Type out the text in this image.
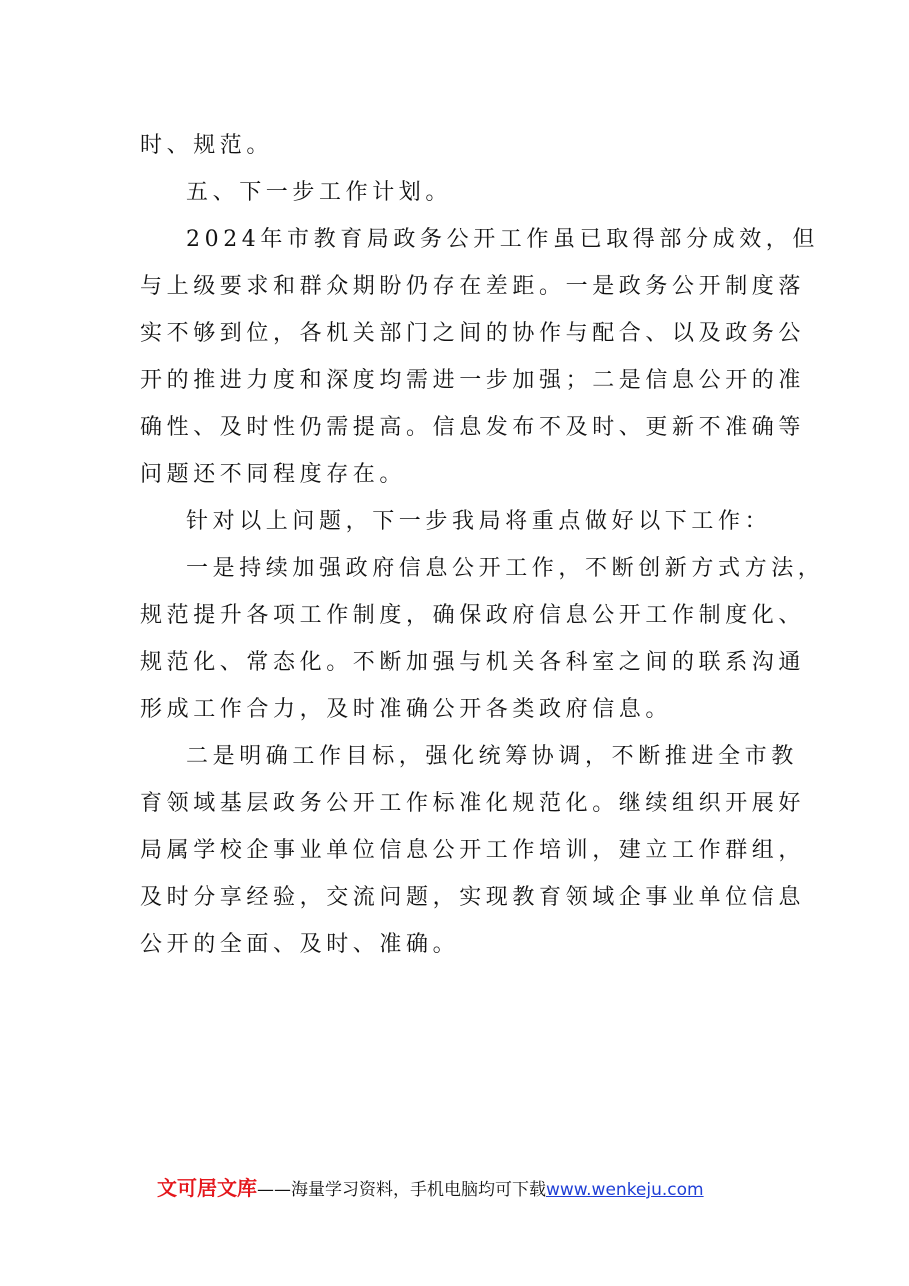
时、规范。
五、下一步工作计划。
2024年市教育局政务公开工作虽已取得部分成效，但
与上级要求和群众期盼仍存在差距。一是政务公开制度落
实不够到位，各机关部门之间的协作与配合、以及政务公
开的推进力度和深度均需进一步加强；二是信息公开的准
确性、及时性仍需提高。信息发布不及时、更新不准确等
问题还不同程度存在。
针对以上问题，下一步我局将重点做好以下工作：
一是持续加强政府信息公开工作，不断创新方式方法，
规范提升各项工作制度，确保政府信息公开工作制度化、
规范化、常态化。不断加强与机关各科室之间的联系沟通
形成工作合力，及时准确公开各类政府信息。
二是明确工作目标，强化统筹协调，不断推进全市教
育领域基层政务公开工作标准化规范化。继续组织开展好
局属学校企事业单位信息公开工作培训，建立工作群组，
及时分享经验，交流问题，实现教育领域企事业单位信息
公开的全面、及时、准确。
文可居文库——海量学习资料，手机电脑均可下载www.wenkeju.com
